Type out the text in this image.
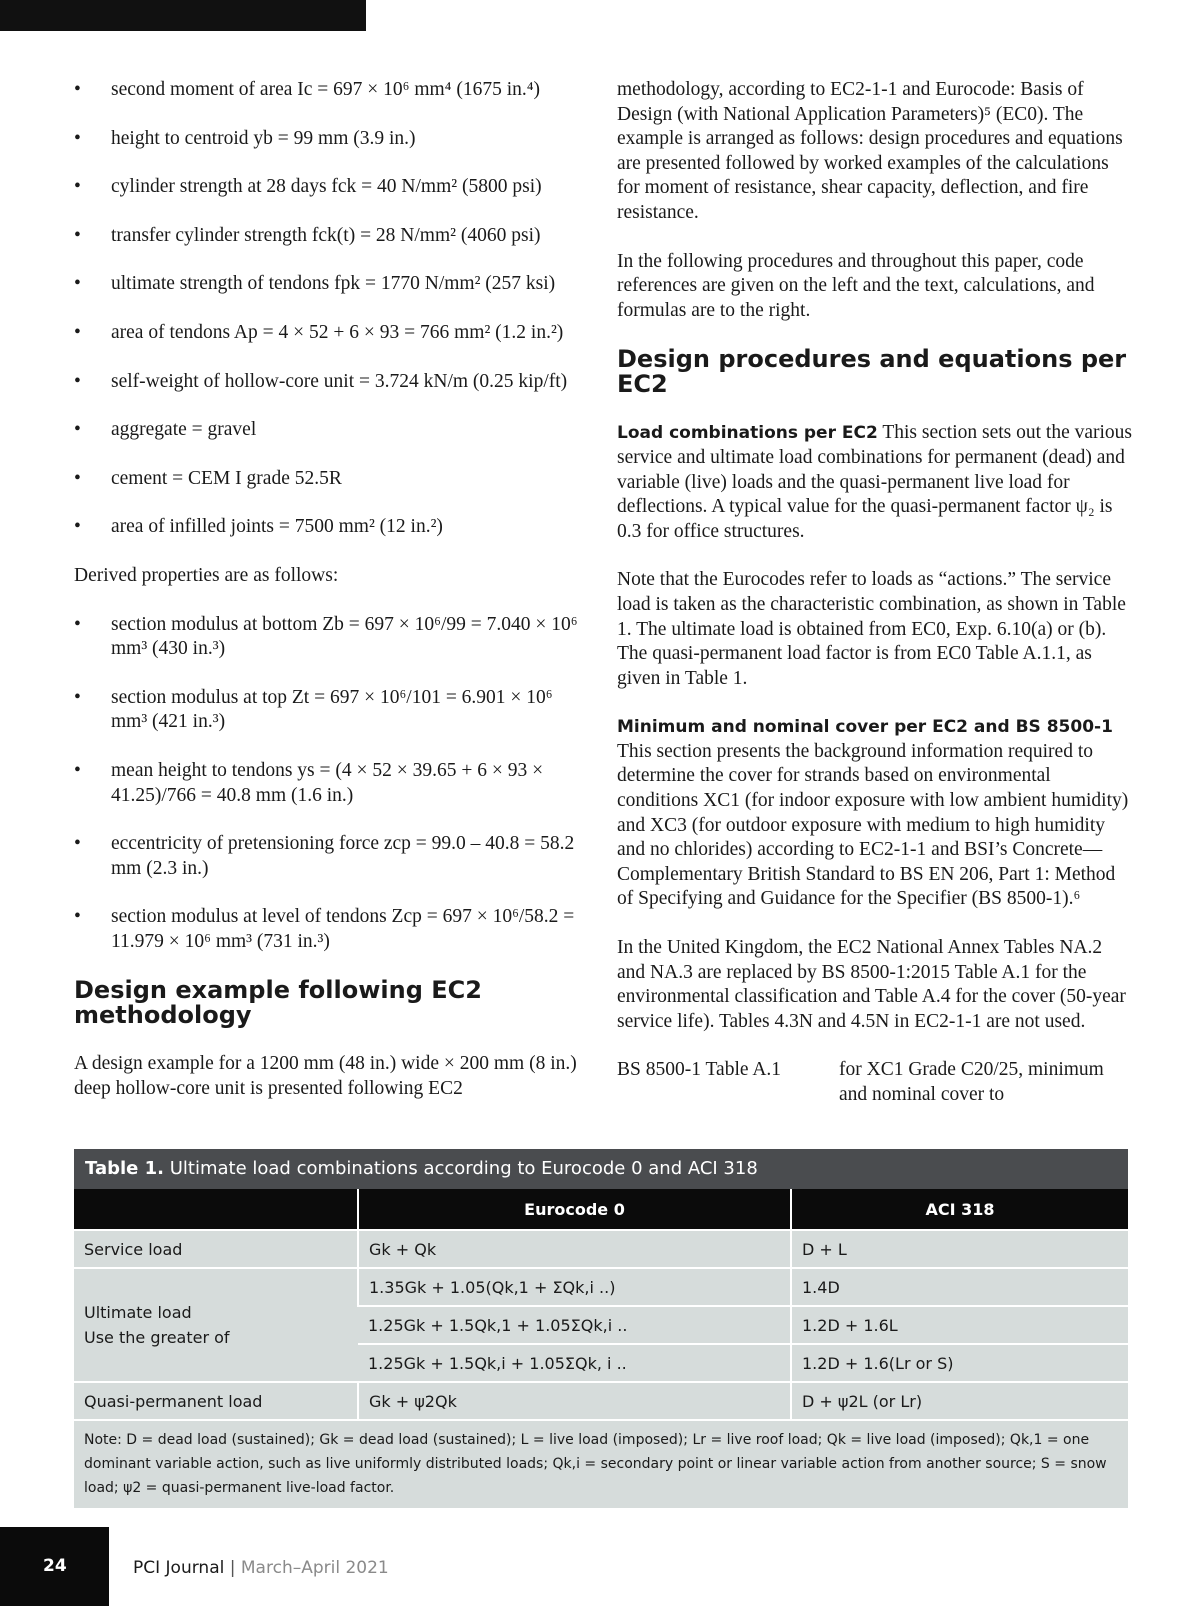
• second moment of area Ic = 697 × 10⁶ mm⁴ (1675 in.⁴)
• height to centroid yb = 99 mm (3.9 in.)
• cylinder strength at 28 days fck = 40 N/mm² (5800 psi)
• transfer cylinder strength fck(t) = 28 N/mm² (4060 psi)
• ultimate strength of tendons fpk = 1770 N/mm² (257 ksi)
• area of tendons Ap = 4 × 52 + 6 × 93 = 766 mm² (1.2 in.²)
• self-weight of hollow-core unit = 3.724 kN/m (0.25 kip/ft)
• aggregate = gravel
• cement = CEM I grade 52.5R
• area of infilled joints = 7500 mm² (12 in.²)

Derived properties are as follows:

• section modulus at bottom Zb = 697 × 10⁶/99 = 7.040 × 10⁶ mm³ (430 in.³)
• section modulus at top Zt = 697 × 10⁶/101 = 6.901 × 10⁶ mm³ (421 in.³)
• mean height to tendons ys = (4 × 52 × 39.65 + 6 × 93 × 41.25)/766 = 40.8 mm (1.6 in.)
• eccentricity of pretensioning force zcp = 99.0 – 40.8 = 58.2 mm (2.3 in.)
• section modulus at level of tendons Zcp = 697 × 10⁶/58.2 = 11.979 × 10⁶ mm³ (731 in.³)
Design example following EC2 methodology

A design example for a 1200 mm (48 in.) wide × 200 mm (8 in.) deep hollow-core unit is presented following EC2

methodology, according to EC2-1-1 and Eurocode: Basis of Design (with National Application Parameters)⁵ (EC0). The example is arranged as follows: design procedures and equations are presented followed by worked examples of the calculations for moment of resistance, shear capacity, deflection, and fire resistance.

In the following procedures and throughout this paper, code references are given on the left and the text, calculations, and formulas are to the right.

Design procedures and equations per EC2

Load combinations per EC2 This section sets out the various service and ultimate load combinations for permanent (dead) and variable (live) loads and the quasi-permanent live load for deflections. A typical value for the quasi-permanent factor ψ₂ is 0.3 for office structures.

Note that the Eurocodes refer to loads as “actions.” The service load is taken as the characteristic combination, as shown in Table 1. The ultimate load is obtained from EC0, Exp. 6.10(a) or (b). The quasi-permanent load factor is from EC0 Table A.1.1, as given in Table 1.

Minimum and nominal cover per EC2 and BS 8500-1
This section presents the background information required to determine the cover for strands based on environmental conditions XC1 (for indoor exposure with low ambient humidity) and XC3 (for outdoor exposure with medium to high humidity and no chlorides) according to EC2-1-1 and BSI’s Concrete—Complementary British Standard to BS EN 206, Part 1: Method of Specifying and Guidance for the Specifier (BS 8500-1).⁶

In the United Kingdom, the EC2 National Annex Tables NA.2 and NA.3 are replaced by BS 8500-1:2015 Table A.1 for the environmental classification and Table A.4 for the cover (50-year service life). Tables 4.3N and 4.5N in EC2-1-1 are not used.

BS 8500-1 Table A.1	for XC1 Grade C20/25, minimum and nominal cover to
Table 1. Ultimate load combinations according to Eurocode 0 and ACI 318
	Eurocode 0	ACI 318
Service load	Gk + Qk	D + L

Ultimate load
Use the greater of	1.35Gk + 1.05(Qk,1 + ΣQk,i ..)	1.4D
	1.25Gk + 1.5Qk,1 + 1.05ΣQk,i ..	1.2D + 1.6L
	1.25Gk + 1.5Qk,i + 1.05ΣQk, i ..	1.2D + 1.6(Lr or S)
Quasi-permanent load	Gk + ψ2Qk	D + ψ2L (or Lr)
Note: D = dead load (sustained); Gk = dead load (sustained); L = live load (imposed); Lr = live roof load; Qk = live load (imposed); Qk,1 = one dominant variable action, such as live uniformly distributed loads; Qk,i = secondary point or linear variable action from another source; S = snow load; ψ2 = quasi-permanent live-load factor.
24	PCI Journal | March–April 2021
